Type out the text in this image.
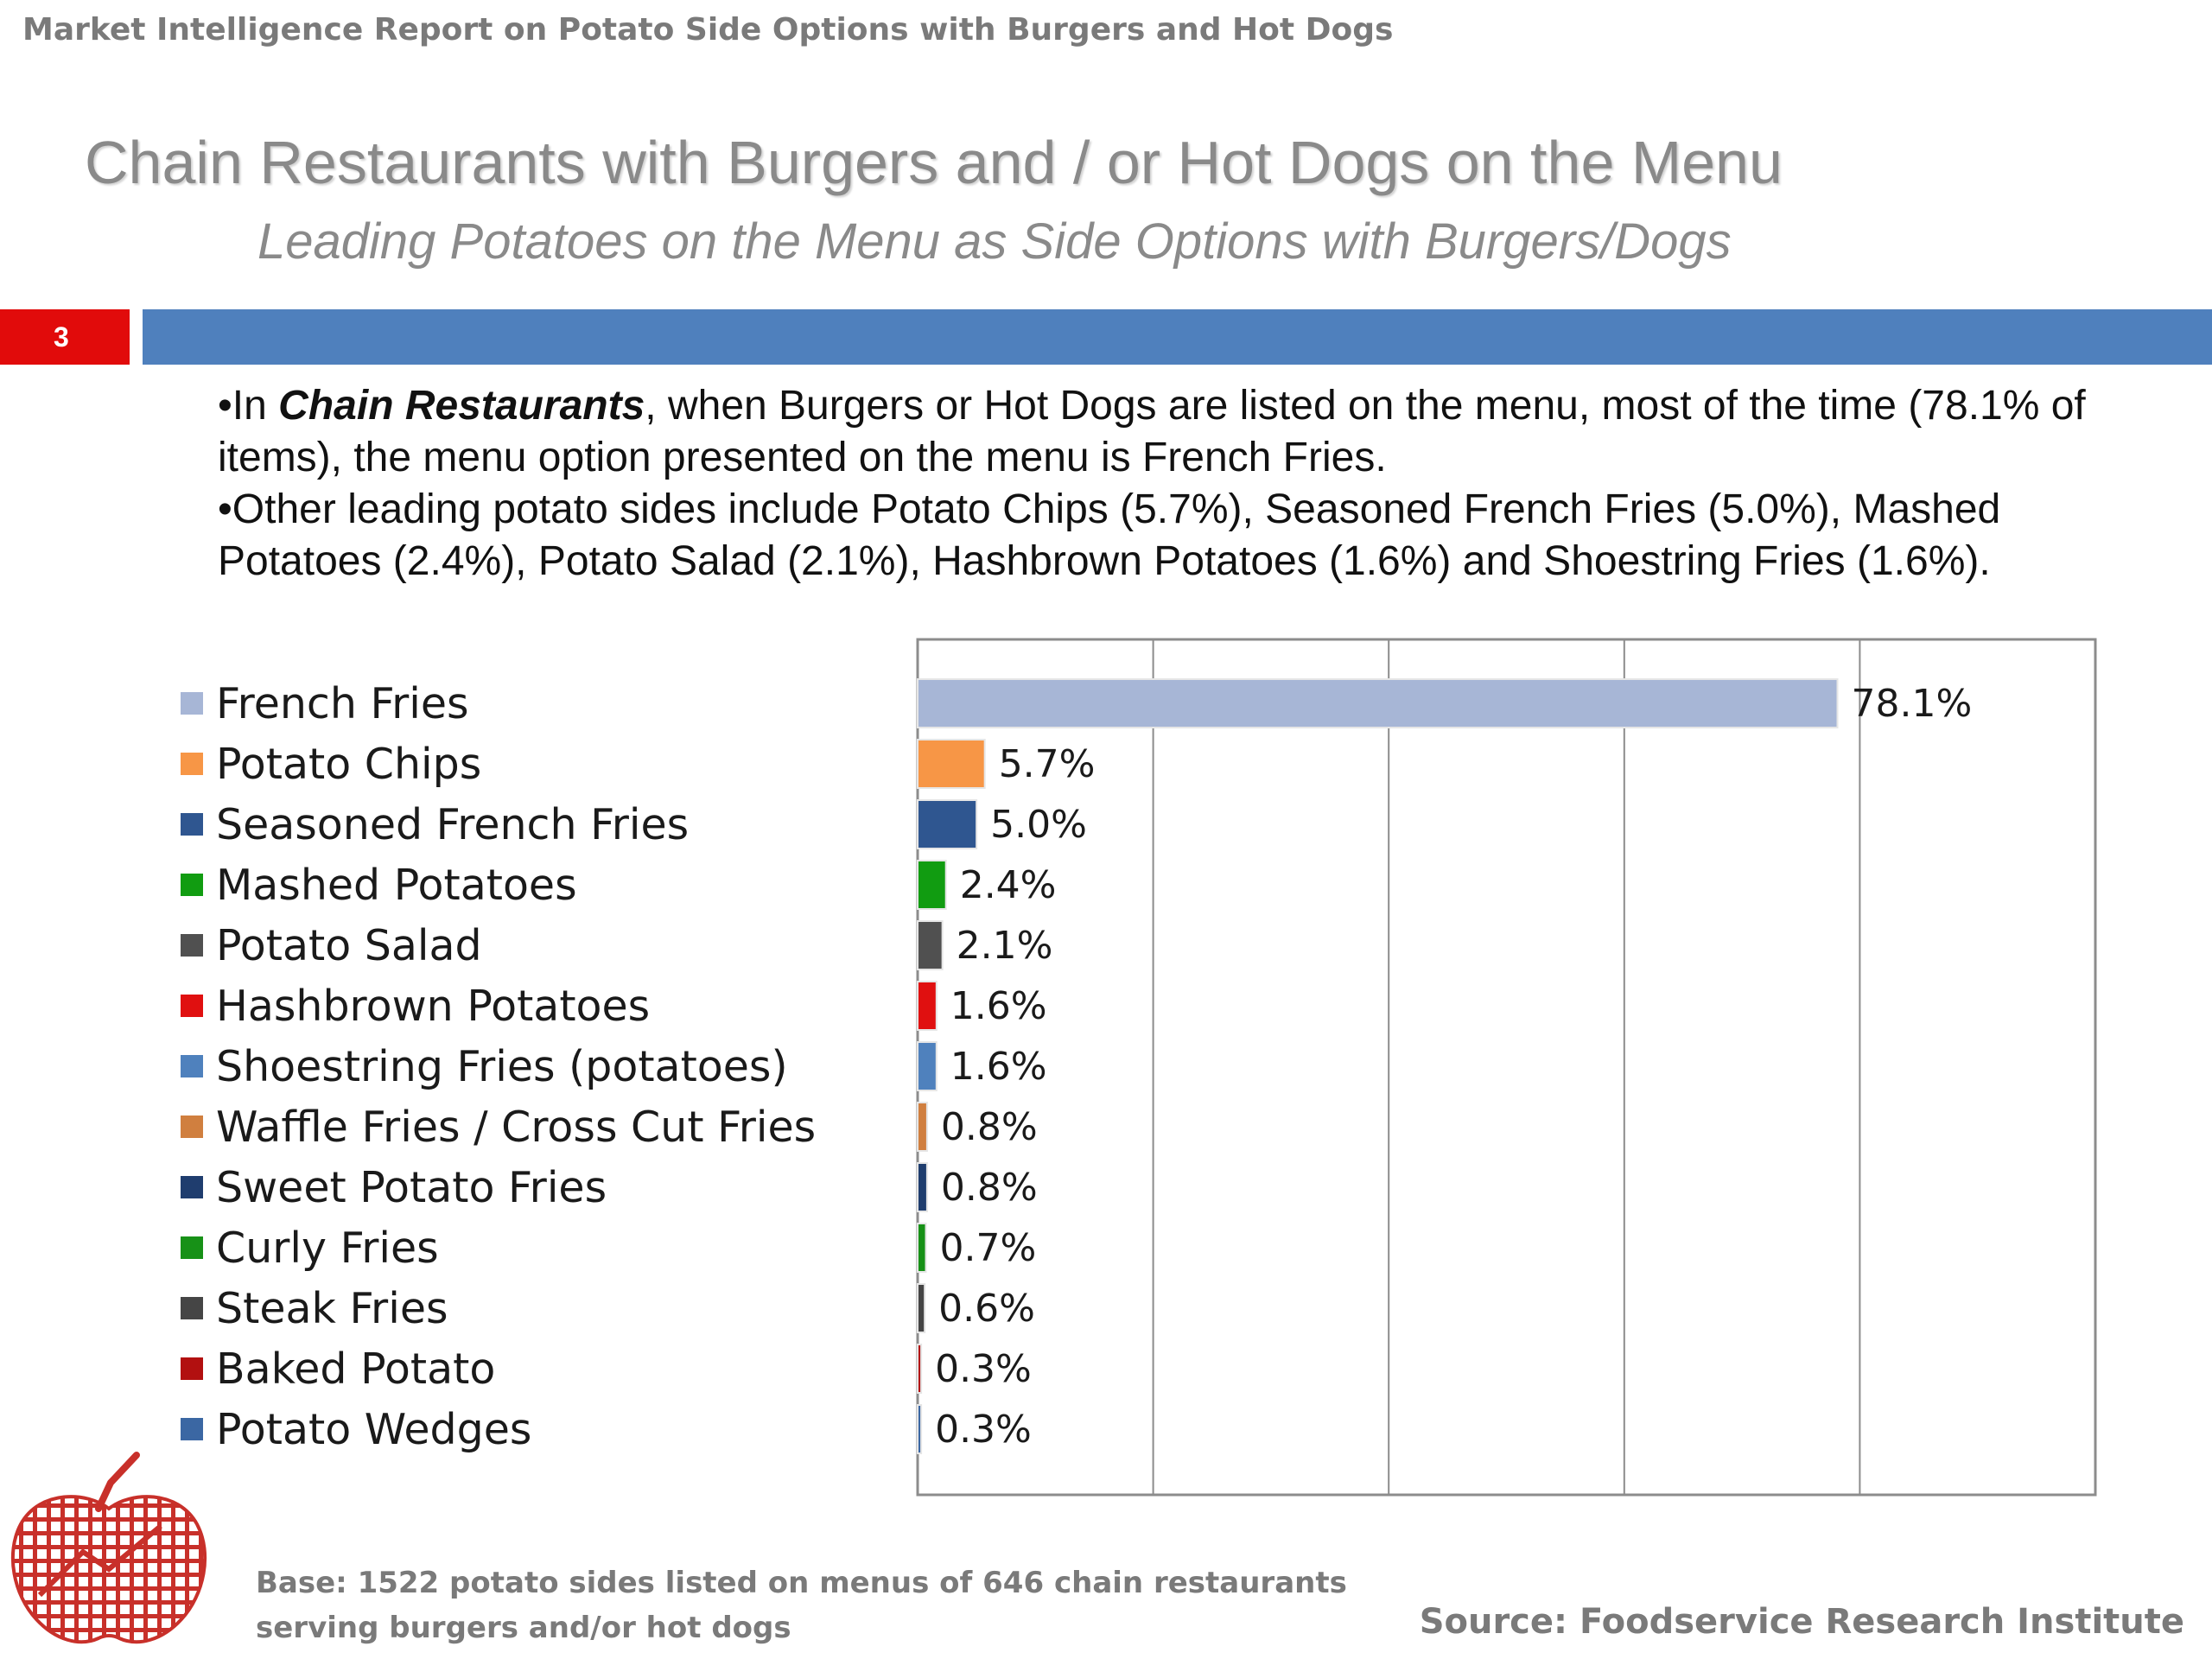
Market Intelligence Report on Potato Side Options with Burgers and Hot Dogs
Chain Restaurants with Burgers and / or Hot Dogs on the Menu
Leading Potatoes on the Menu as Side Options with Burgers/Dogs
3

•In Chain Restaurants, when Burgers or Hot Dogs are listed on the menu, most of the time (78.1% of items), the menu option presented on the menu is French Fries.

•Other leading potato sides include Potato Chips (5.7%), Seasoned French Fries (5.0%), Mashed Potatoes (2.4%), Potato Salad (2.1%), Hashbrown Potatoes (1.6%) and Shoestring Fries (1.6%).

French Fries	78.1%
Potato Chips	5.7%
Seasoned French Fries	5.0%
Mashed Potatoes	2.4%
Potato Salad	2.1%
Hashbrown Potatoes	1.6%
Shoestring Fries (potatoes)	1.6%
Waffle Fries / Cross Cut Fries	0.8%
Sweet Potato Fries	0.8%
Curly Fries	0.7%
Steak Fries	0.6%
Baked Potato	0.3%
Potato Wedges	0.3%
Base: 1522 potato sides listed on menus of 646 chain restaurants
serving burgers and/or hot dogs	Source: Foodservice Research Institute
